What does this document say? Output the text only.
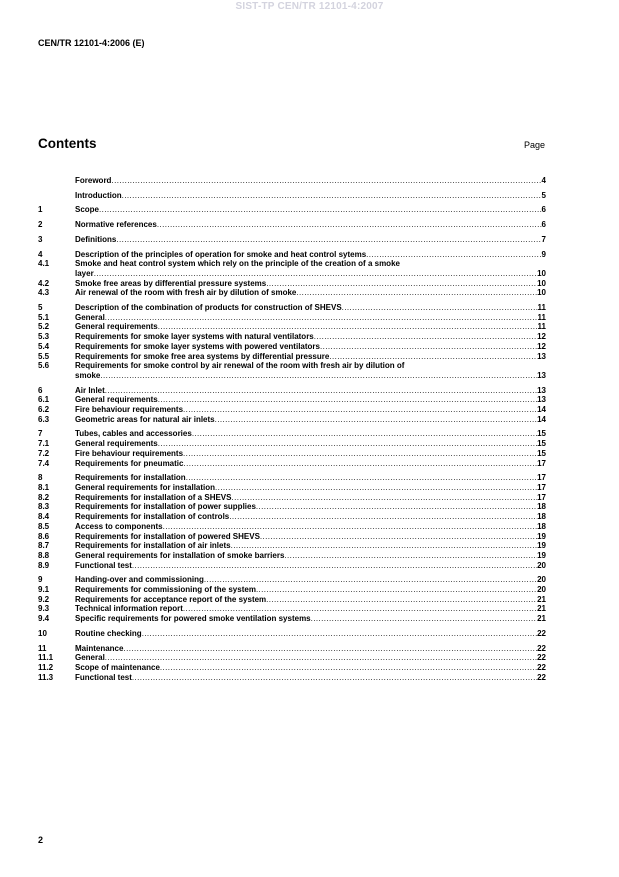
SIST-TP CEN/TR 12101-4:2007
CEN/TR 12101-4:2006 (E)
Contents	Page
Foreword .....	4
Introduction .....	5
1	Scope .....	6
2	Normative references .....	6
3	Definitions .....	7
4	Description of the principles of operation for smoke and heat control sytems .....	9
4.1	Smoke and heat control system which rely on the principle of the creation of a smoke
layer .....	10
4.2	Smoke free areas by differential pressure systems .....	10
4.3	Air renewal of the room with fresh air by dilution of smoke .....	10
5	Description of the combination of products for construction of SHEVS .....	11
5.1	General .....	11
5.2	General requirements .....	11
5.3	Requirements for smoke layer systems with natural ventilators .....	12
5.4	Requirements for smoke layer systems with powered ventilators .....	12
5.5	Requirements for smoke free area systems by differential pressure .....	13
5.6	Requirements for smoke control by air renewal of the room with fresh air by dilution of
smoke .....	13
6	Air Inlet .....	13
6.1	General requirements .....	13
6.2	Fire behaviour requirements .....	14
6.3	Geometric areas for natural air inlets .....	14
7	Tubes, cables and accessories .....	15
7.1	General requirements .....	15
7.2	Fire behaviour requirements .....	15
7.4	Requirements for pneumatic .....	17
8	Requirements for installation .....	17
8.1	General requirements for installation .....	17
8.2	Requirements for installation of a SHEVS .....	17
8.3	Requirements for installation of power supplies .....	18
8.4	Requirements for installation of controls .....	18
8.5	Access to components .....	18
8.6	Requirements for installation of powered SHEVS .....	19
8.7	Requirements for installation of air inlets .....	19
8.8	General requirements for installation of smoke barriers .....	19
8.9	Functional test .....	20
9	Handing-over and commissioning .....	20
9.1	Requirements for commissioning of the system .....	20
9.2	Requirements for acceptance report of the system .....	21
9.3	Technical information report .....	21
9.4	Specific requirements for powered smoke ventilation systems .....	21
10	Routine checking .....	22
11	Maintenance .....	22
11.1	General .....	22
11.2	Scope of maintenance .....	22
11.3	Functional test .....	22
2
